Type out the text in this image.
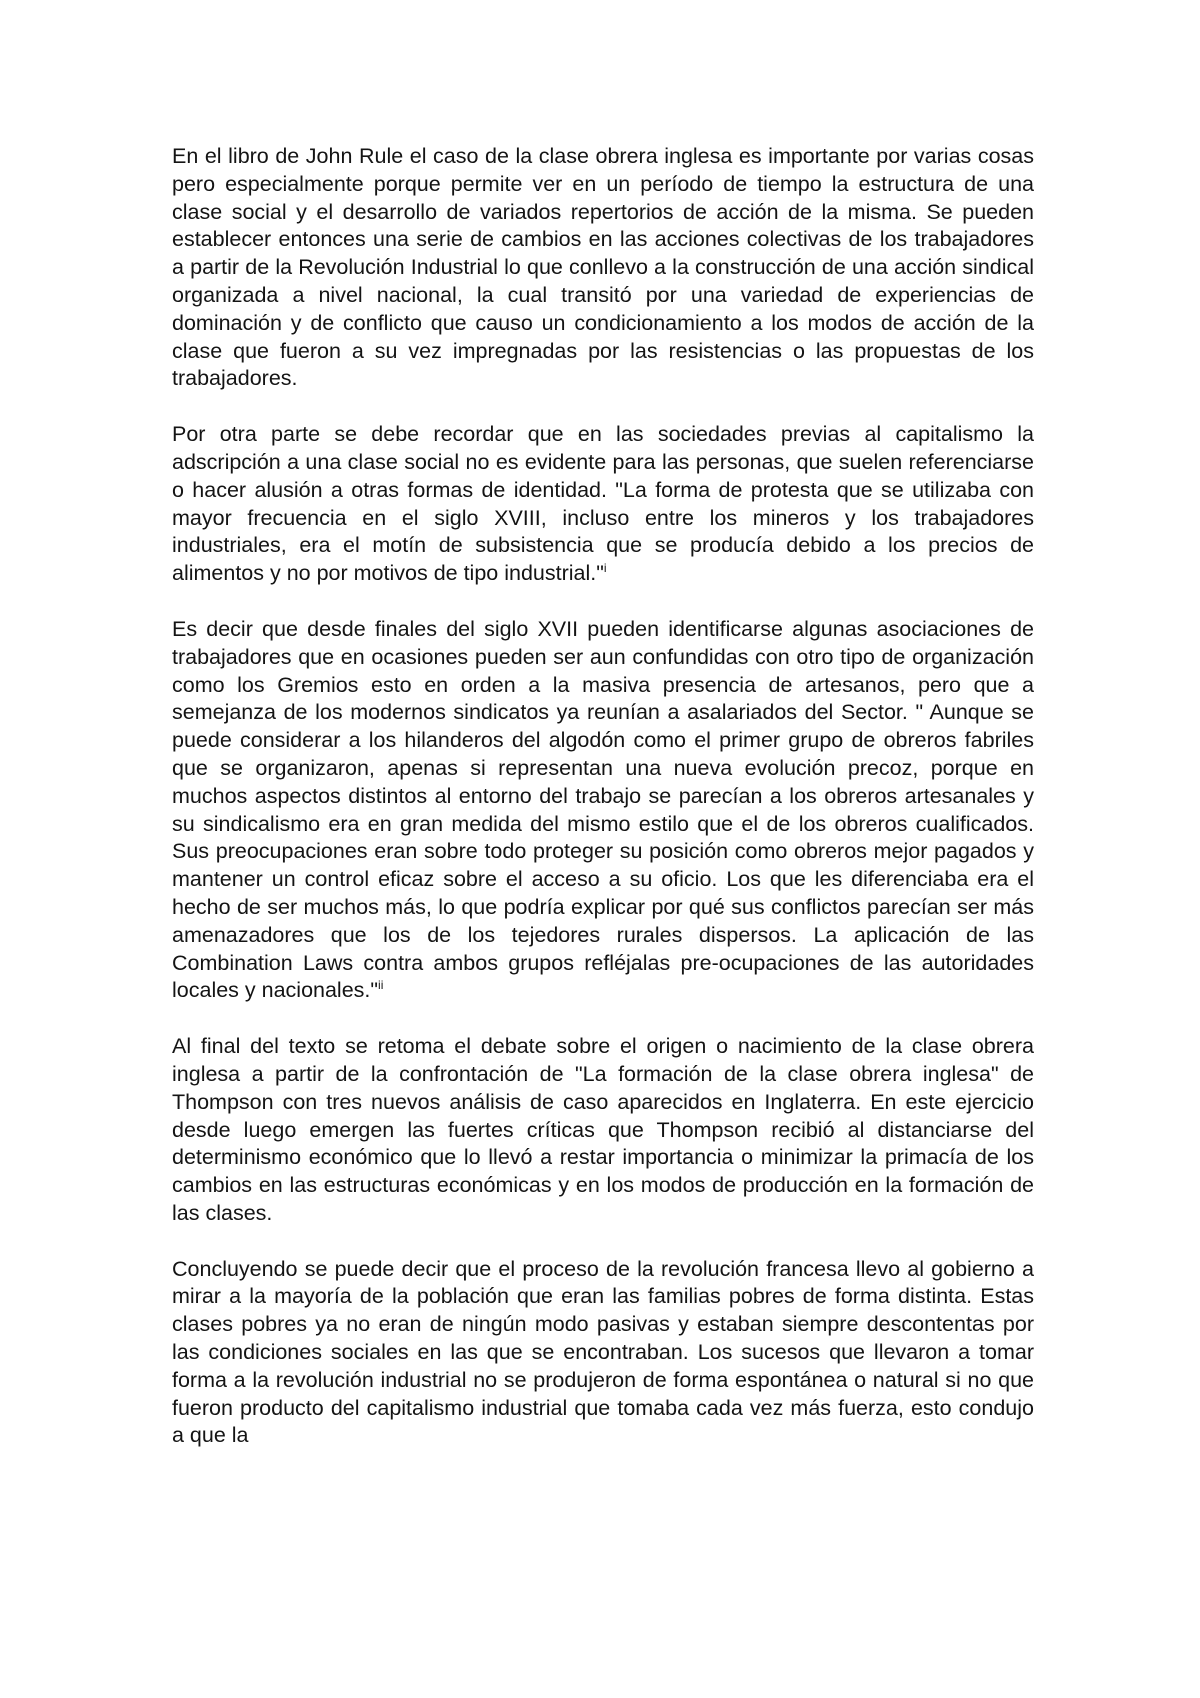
En el libro de John Rule el caso de la clase obrera inglesa es importante por varias cosas pero especialmente porque permite ver en un período de tiempo la estructura de una clase social y el desarrollo de variados repertorios de acción de la misma. Se pueden establecer entonces una serie de cambios en las acciones colectivas de los trabajadores a partir de la Revolución Industrial lo que conllevo a la construcción de una acción sindical organizada a nivel nacional, la cual transitó por una variedad de experiencias de dominación y de conflicto que causo un condicionamiento a los modos de acción de la clase que fueron a su vez impregnadas por las resistencias o las propuestas de los trabajadores.

Por otra parte se debe recordar que en las sociedades previas al capitalismo la adscripción a una clase social no es evidente para las personas, que suelen referenciarse o hacer alusión a otras formas de identidad. "La forma de protesta que se utilizaba con mayor frecuencia en el siglo XVIII, incluso entre los mineros y los trabajadores industriales, era el motín de subsistencia que se producía debido a los precios de alimentos y no por motivos de tipo industrial."$^i$

Es decir que desde finales del siglo XVII pueden identificarse algunas asociaciones de trabajadores que en ocasiones pueden ser aun confundidas con otro tipo de organización como los Gremios esto en orden a la masiva presencia de artesanos, pero que a semejanza de los modernos sindicatos ya reunían a asalariados del Sector. " Aunque se puede considerar a los hilanderos del algodón como el primer grupo de obreros fabriles que se organizaron, apenas si representan una nueva evolución precoz, porque en muchos aspectos distintos al entorno del trabajo se parecían a los obreros artesanales y su sindicalismo era en gran medida del mismo estilo que el de los obreros cualificados. Sus preocupaciones eran sobre todo proteger su posición como obreros mejor pagados y mantener un control eficaz sobre el acceso a su oficio. Los que les diferenciaba era el hecho de ser muchos más, lo que podría explicar por qué sus conflictos parecían ser más amenazadores que los de los tejedores rurales dispersos. La aplicación de las Combination Laws contra ambos grupos refléjalas pre-ocupaciones de las autoridades locales y nacionales."$^{ii}$

Al final del texto se retoma el debate sobre el origen o nacimiento de la clase obrera inglesa a partir de la confrontación de "La formación de la clase obrera inglesa" de Thompson con tres nuevos análisis de caso aparecidos en Inglaterra. En este ejercicio desde luego emergen las fuertes críticas que Thompson recibió al distanciarse del determinismo económico que lo llevó a restar importancia o minimizar la primacía de los cambios en las estructuras económicas y en los modos de producción en la formación de las clases.

Concluyendo se puede decir que el proceso de la revolución francesa llevo al gobierno a mirar a la mayoría de la población que eran las familias pobres de forma distinta. Estas clases pobres ya no eran de ningún modo pasivas y estaban siempre descontentas por las condiciones sociales en las que se encontraban. Los sucesos que llevaron a tomar forma a la revolución industrial no se produjeron de forma espontánea o natural si no que fueron producto del capitalismo industrial que tomaba cada vez más fuerza, esto condujo a que la
